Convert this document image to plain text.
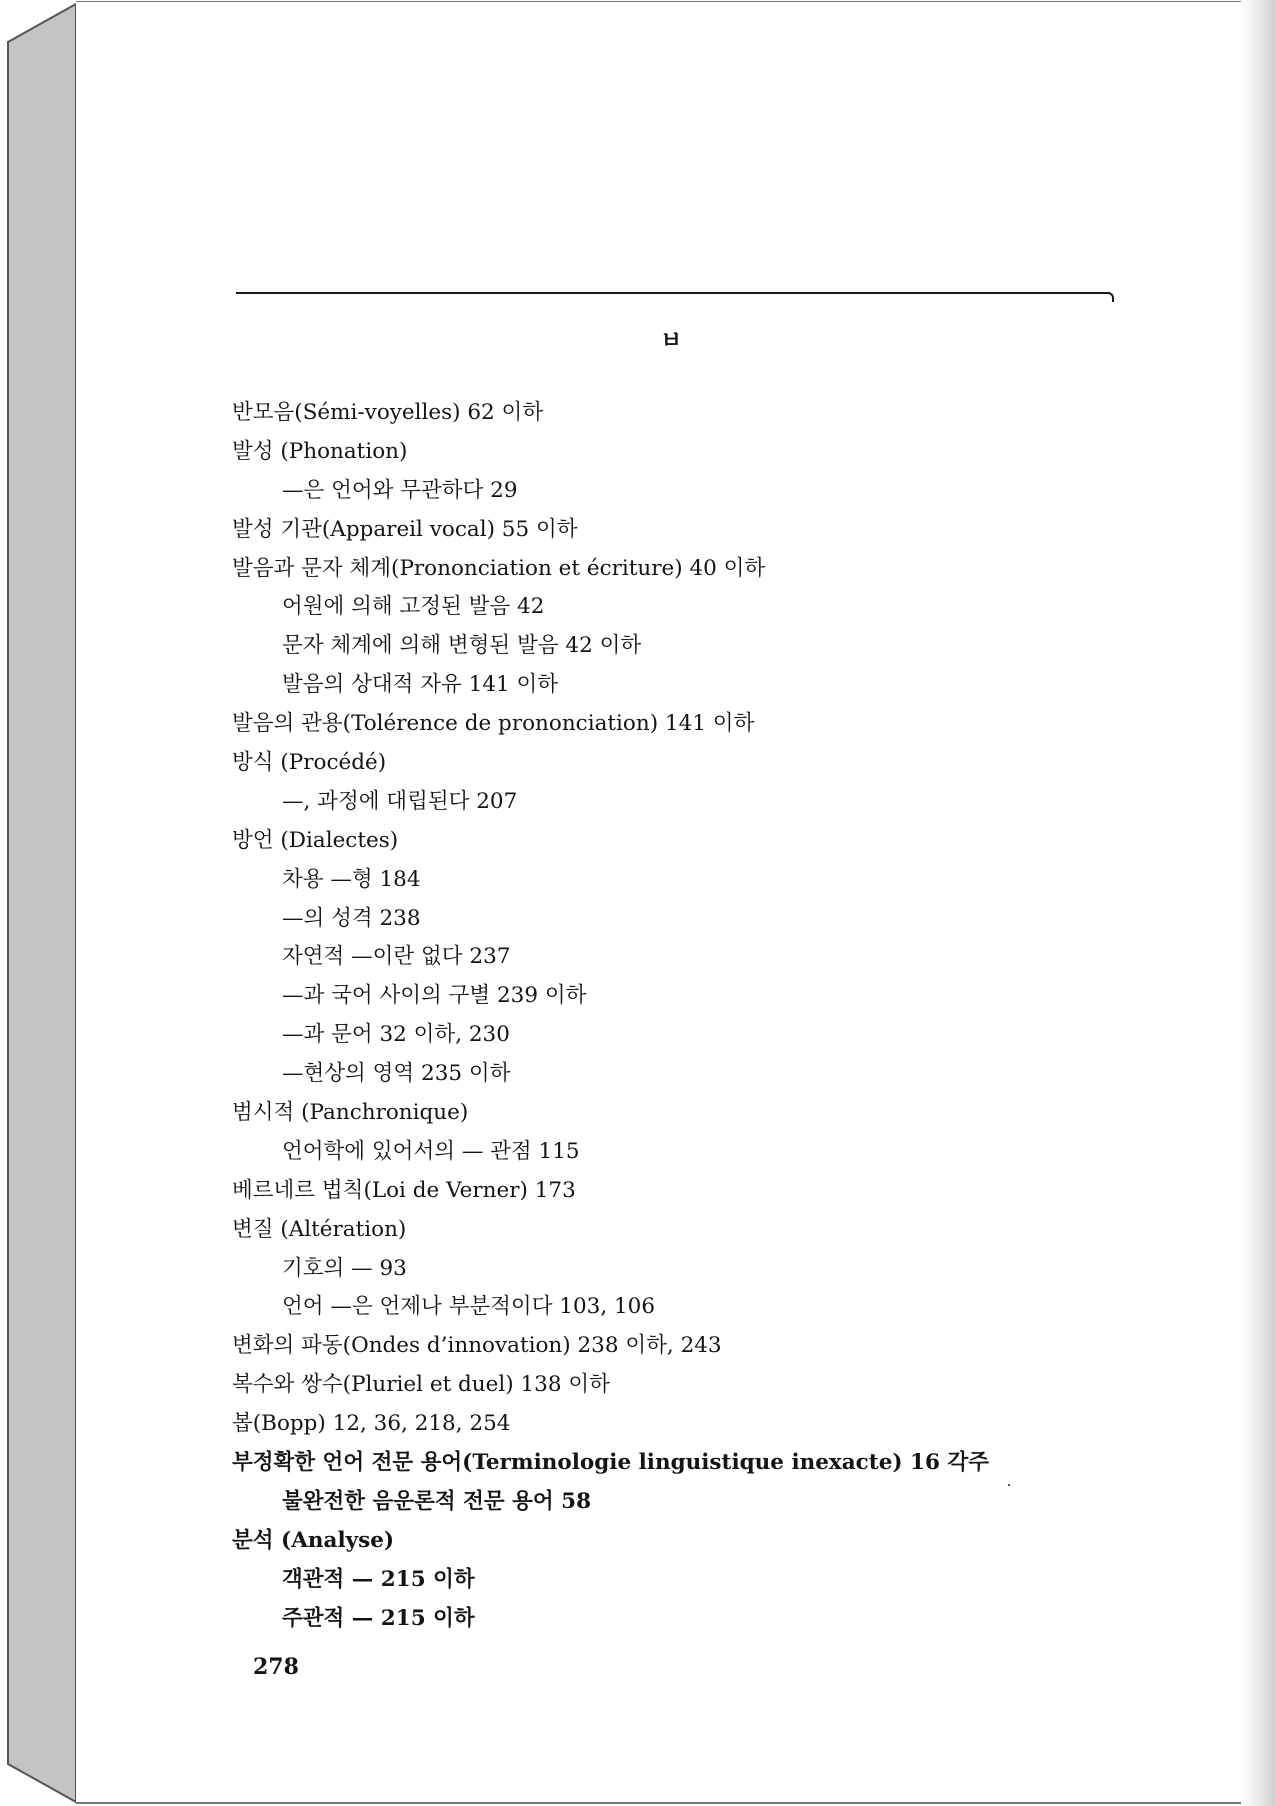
ㅂ
반모음(Sémi-voyelles) 62 이하
발성 (Phonation)
—은 언어와 무관하다 29
발성 기관(Appareil vocal) 55 이하
발음과 문자 체계(Prononciation et écriture) 40 이하
어원에 의해 고정된 발음 42
문자 체계에 의해 변형된 발음 42 이하
발음의 상대적 자유 141 이하
발음의 관용(Tolérence de prononciation) 141 이하
방식 (Procédé)
—, 과정에 대립된다 207
방언 (Dialectes)
차용 —형 184
—의 성격 238
자연적 —이란 없다 237
—과 국어 사이의 구별 239 이하
—과 문어 32 이하, 230
—현상의 영역 235 이하
범시적 (Panchronique)
언어학에 있어서의 — 관점 115
베르네르 법칙(Loi de Verner) 173
변질 (Altération)
기호의 — 93
언어 —은 언제나 부분적이다 103, 106
변화의 파동(Ondes d’innovation) 238 이하, 243
복수와 쌍수(Pluriel et duel) 138 이하
봅(Bopp) 12, 36, 218, 254
부정확한 언어 전문 용어(Terminologie linguistique inexacte) 16 각주
불완전한 음운론적 전문 용어 58
분석 (Analyse)
객관적 — 215 이하
주관적 — 215 이하
278
